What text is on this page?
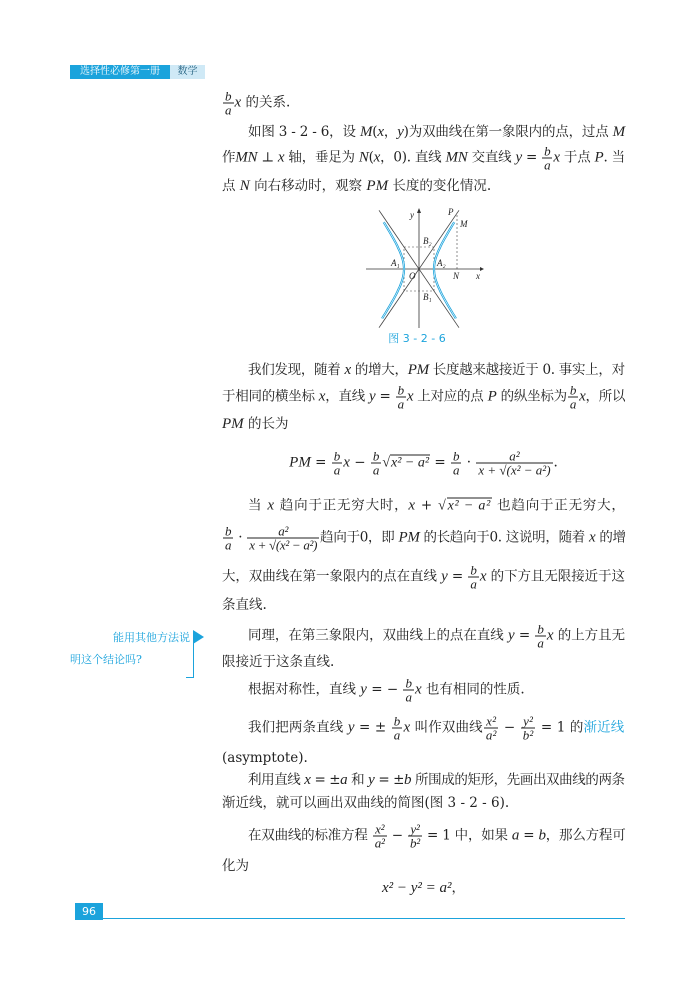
选择性必修第一册	数学
$\frac{b}{a}$ x 的关系.
如图 3 - 2 - 6，设 M(x，y)为双曲线在第一象限内的点，过点 M
作MN ⊥ x 轴，垂足为 N(x，0). 直线 MN 交直线 $y = \frac{b}{a}$ x 于点 P. 当
点 N 向右移动时，观察 PM 长度的变化情况.
我们发现，随着 x 的增大，PM 长度越来越接近于 0. 事实上，对
于相同的横坐标 x，直线 $y = \frac{b}{a}$ x 上对应的点 P 的纵坐标为 $\frac{b}{a}$ x，所以
PM 的长为
PM = $\frac{b}{a}$ $x - \frac{b}{a} √x^2 - a^2 = \frac{b}{a} \cdot \frac{\text{a²}}{\text{x + √(x² − a²)}}$ .
当 x 趋向于正无穷大时，x + √x² − a² 也趋向于正无穷大，
$\frac{b}{a} \cdot \frac{\text{a²}}{\text{x + √(x² − a²)}}$ 趋向于0，即 PM 的长趋向于0. 这说明，随着 x 的增
大，双曲线在第一象限内的点在直线 $y = \frac{b}{a}$ x 的下方且无限接近于这
条直线.
同理，在第三象限内，双曲线上的点在直线 $y = \frac{b}{a}$ x 的上方且无
限接近于这条直线.
根据对称性，直线 y = − $\frac{b}{a}$ x 也有相同的性质.
我们把两条直线 y = ± $\frac{b}{a}$ x 叫作双曲线 $\frac{\text{x²}}{\text{a²}} - \frac{\text{y²}}{\text{b²}} = 1$ 的渐近线
(asymptote).
利用直线 x = ±a 和 y = ±b 所围成的矩形，先画出双曲线的两条
渐近线，就可以画出双曲线的简图(图 3 - 2 - 6).
在双曲线的标准方程 $\frac{\text{x²}}{\text{a²}} - \frac{\text{y²}}{\text{b²}} = 1$ 中，如果 a = b，那么方程可
化为
x² − y² = a²，
y
x
P
M
B₂
A₁	A₂
O	N
B₁
图 3 - 2 - 6
能用其他方法说
明这个结论吗?
96
